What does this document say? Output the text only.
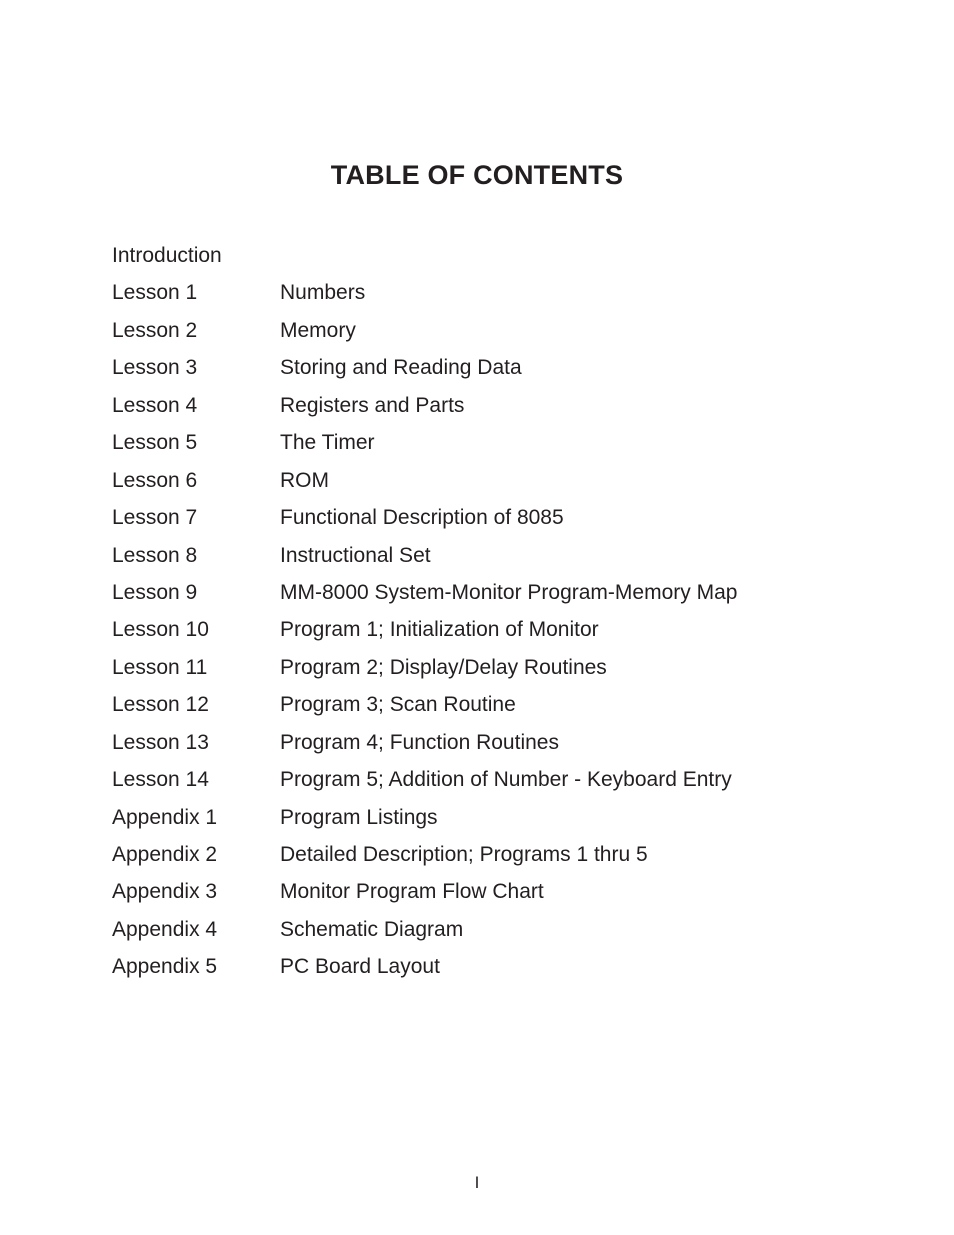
TABLE OF CONTENTS
Introduction
Lesson 1	Numbers
Lesson 2	Memory
Lesson 3	Storing and Reading Data
Lesson 4	Registers and Parts
Lesson 5	The Timer
Lesson 6	ROM
Lesson 7	Functional Description of 8085
Lesson 8	Instructional Set
Lesson 9	MM-8000 System-Monitor Program-Memory Map
Lesson 10	Program 1; Initialization of Monitor
Lesson 11	Program 2; Display/Delay Routines
Lesson 12	Program 3; Scan Routine
Lesson 13	Program 4; Function Routines
Lesson 14	Program 5; Addition of Number - Keyboard Entry
Appendix 1	Program Listings
Appendix 2	Detailed Description; Programs 1 thru 5
Appendix 3	Monitor Program Flow Chart
Appendix 4	Schematic Diagram
Appendix 5	PC Board Layout
I
